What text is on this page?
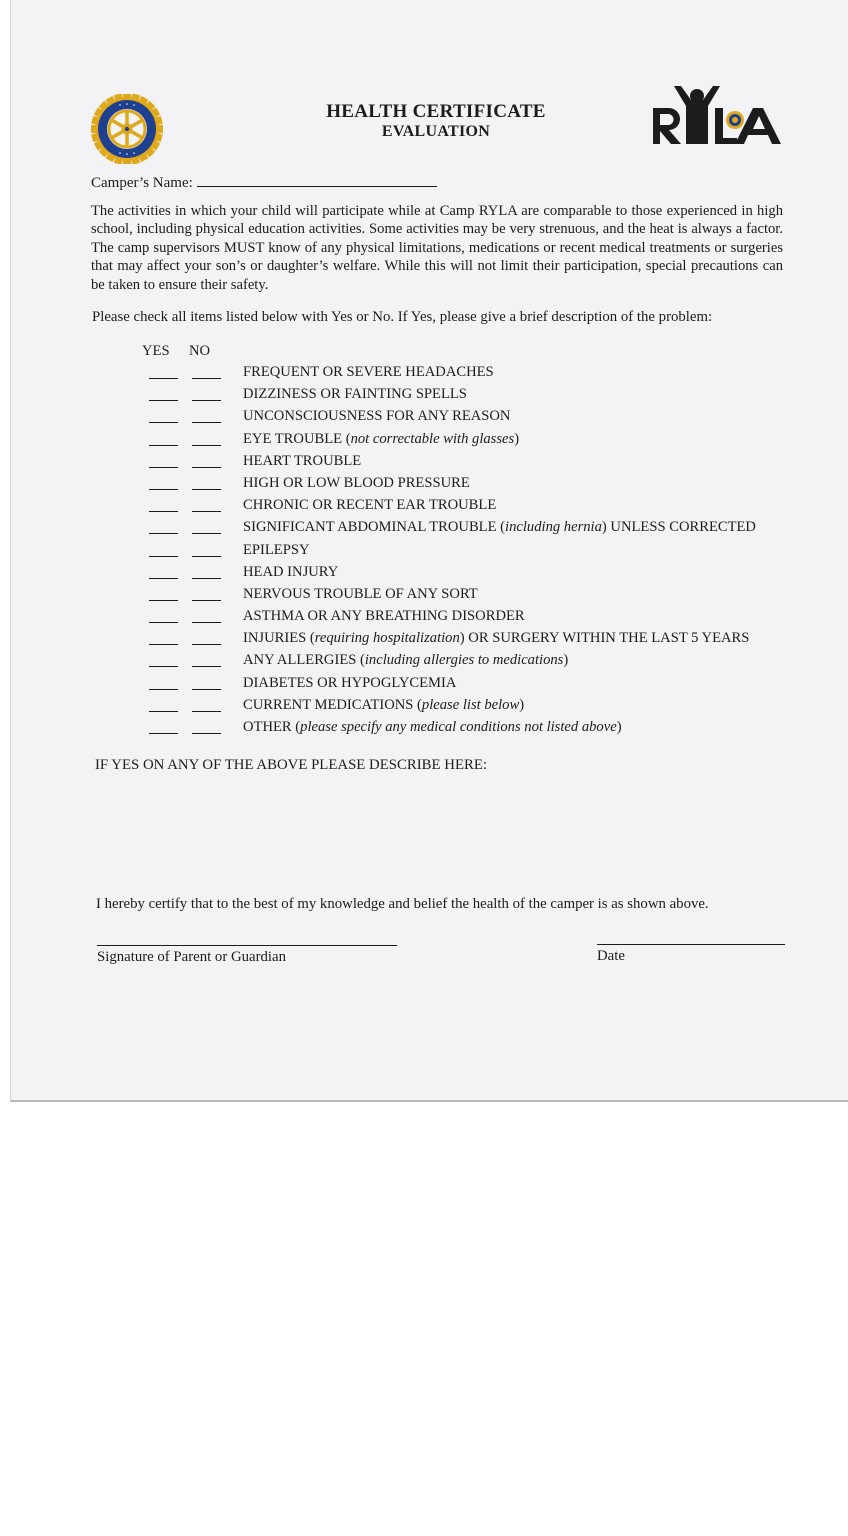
HEALTH CERTIFICATE
EVALUATION
Camper’s Name:
The activities in which your child will participate while at Camp RYLA are comparable to those experienced in high school, including physical education activities. Some activities may be very strenuous, and the heat is always a factor. The camp supervisors MUST know of any physical limitations, medications or recent medical treatments or surgeries that may affect your son’s or daughter’s welfare. While this will not limit their participation, special precautions can be taken to ensure their safety.
Please check all items listed below with Yes or No. If Yes, please give a brief description of the problem:
YES NO
FREQUENT OR SEVERE HEADACHES
DIZZINESS OR FAINTING SPELLS
UNCONSCIOUSNESS FOR ANY REASON
EYE TROUBLE (not correctable with glasses)
HEART TROUBLE
HIGH OR LOW BLOOD PRESSURE
CHRONIC OR RECENT EAR TROUBLE
SIGNIFICANT ABDOMINAL TROUBLE (including hernia) UNLESS CORRECTED
EPILEPSY
HEAD INJURY
NERVOUS TROUBLE OF ANY SORT
ASTHMA OR ANY BREATHING DISORDER
INJURIES (requiring hospitalization) OR SURGERY WITHIN THE LAST 5 YEARS
ANY ALLERGIES (including allergies to medications)
DIABETES OR HYPOGLYCEMIA
CURRENT MEDICATIONS (please list below)
OTHER (please specify any medical conditions not listed above)
IF YES ON ANY OF THE ABOVE PLEASE DESCRIBE HERE:
I hereby certify that to the best of my knowledge and belief the health of the camper is as shown above.
Signature of Parent or Guardian	Date
